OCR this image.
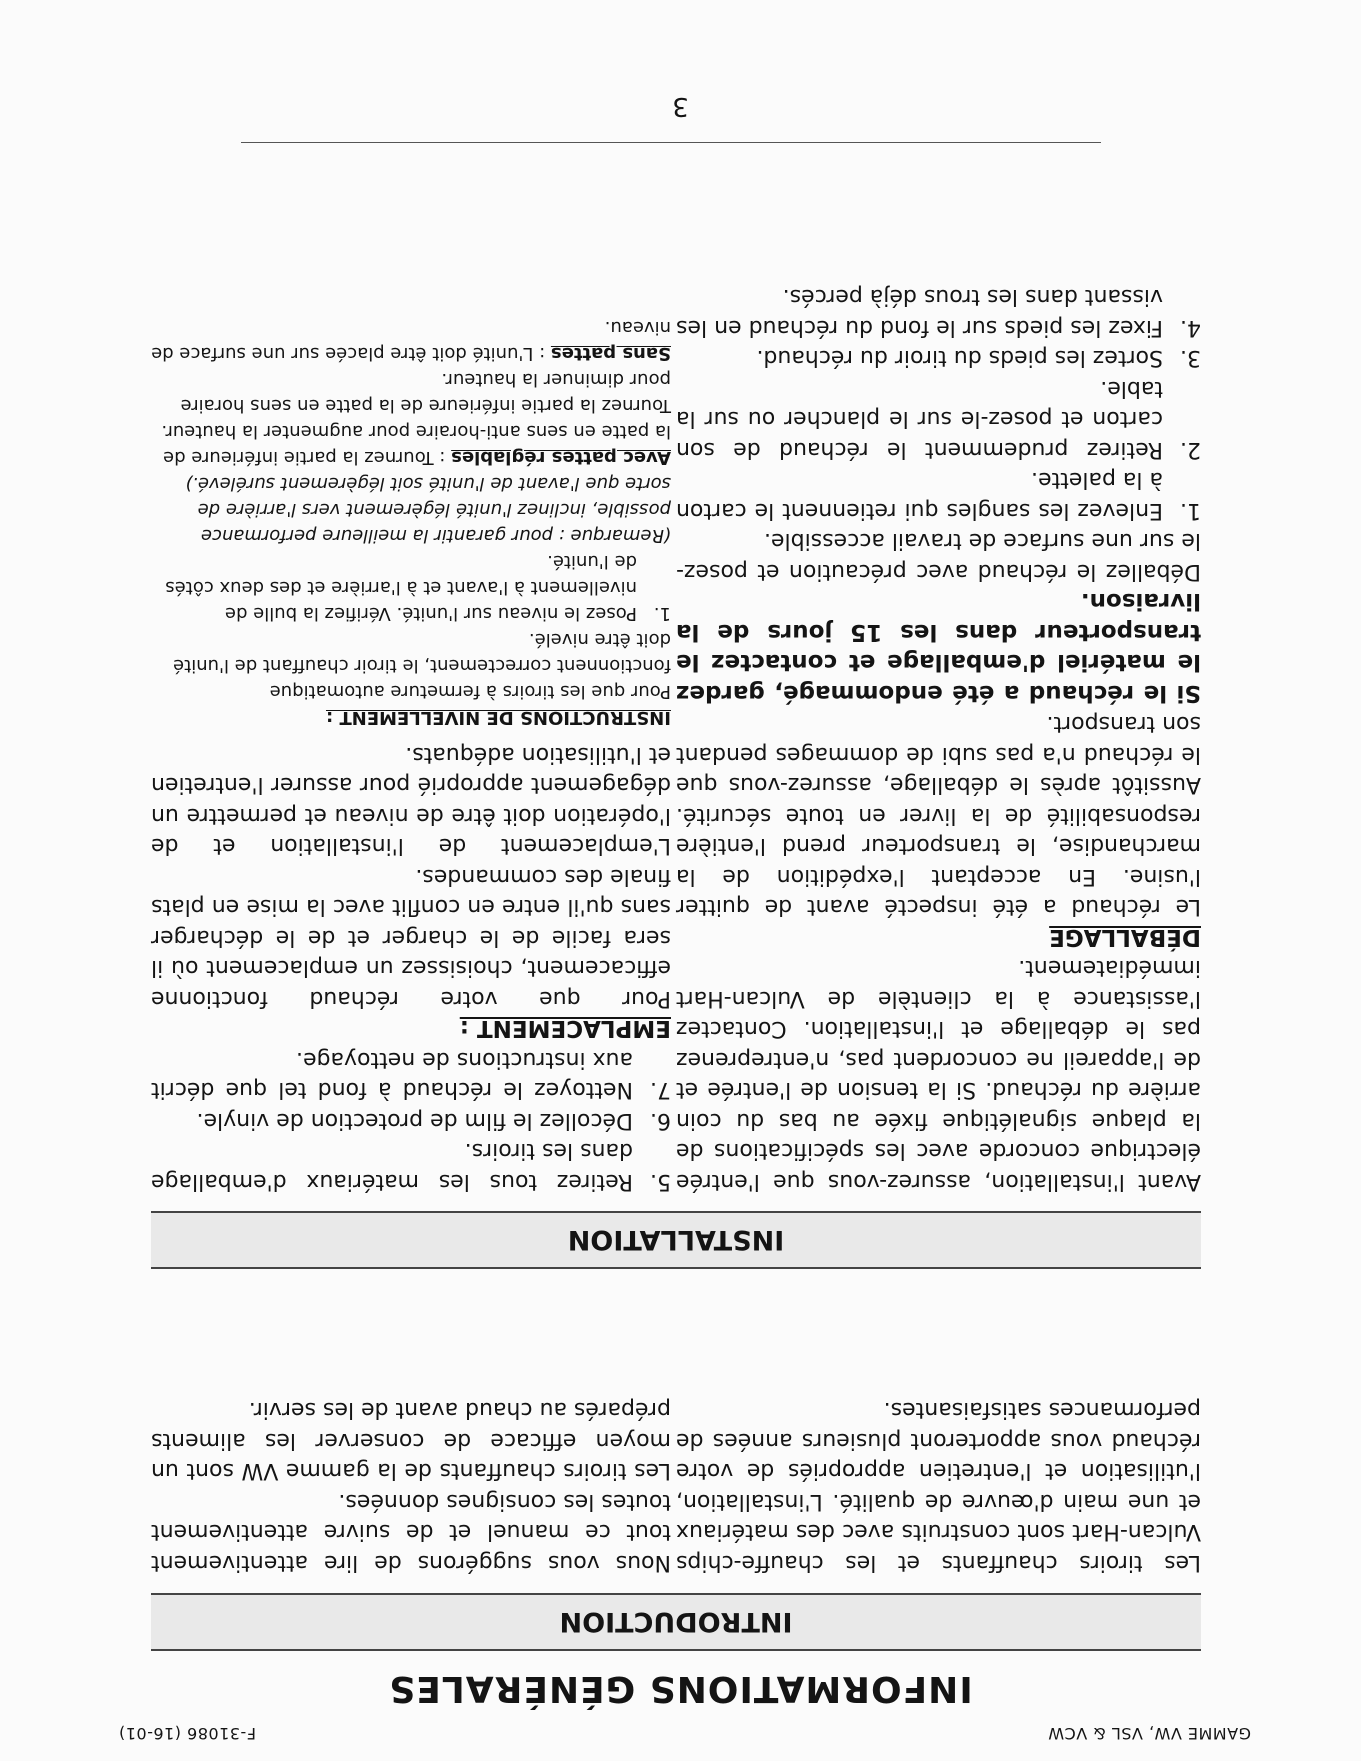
GAMME VW, VSL & VCW
F-31086 (16-01)
INFORMATIONS GÉNÉRALES
INTRODUCTION

Les tiroirs chauffants et les chauffe-chips Vulcan-Hart sont construits avec des matériaux et une main d'œuvre de qualité. L'installation, l'utilisation et l'entretien appropriés de votre réchaud vous apporteront plusieurs années de performances satisfaisantes.

Nous vous suggérons de lire attentivement tout ce manuel et de suivre attentivement toutes les consignes données.

Les tiroirs chauffants de la gamme VW sont un moyen efficace de conserver les aliments préparés au chaud avant de les servir.

INSTALLATION

Avant l'installation, assurez-vous que l'entrée électrique concorde avec les spécifications de la plaque signalétique fixée au bas du coin arrière du réchaud. Si la tension de l'entrée et de l'appareil ne concordent pas, n'entreprenez pas le déballage et l'installation. Contactez l'assistance à la clientèle de Vulcan-Hart immédiatement.

DÉBALLAGE

Le réchaud a été inspecté avant de quitter l'usine. En acceptant l'expédition de la marchandise, le transporteur prend l'entière responsabilité de la livrer en toute sécurité. Aussitôt après le déballage, assurez-vous que le réchaud n'a pas subi de dommages pendant son transport.

Si le réchaud a été endommagé, gardez le matériel d'emballage et contactez le transporteur dans les 15 jours de la livraison.

Déballez le réchaud avec précaution et posez-le sur une surface de travail accessible.

1.
Enlevez les sangles qui retiennent le carton à la palette.
2.
Retirez prudemment le réchaud de son carton et posez-le sur le plancher ou sur la table.
3.
Sortez les pieds du tiroir du réchaud.
4.
Fixez les pieds sur le fond du réchaud en les vissant dans les trous déjà percés.
5.
Retirez tous les matériaux d'emballage dans les tiroirs.
6.
Décollez le film de protection de vinyle.
7.
Nettoyez le réchaud à fond tel que décrit aux instructions de nettoyage.
EMPLACEMENT :

Pour que votre réchaud fonctionne efficacement, choisissez un emplacement où il sera facile de le charger et de le décharger sans qu'il entre en conflit avec la mise en plats finale des commandes.

L'emplacement de l'installation et de l'opération doit être de niveau et permettre un dégagement approprié pour assurer l'entretien et l'utilisation adéquats.

INSTRUCTIONS DE NIVELLEMENT :

Pour que les tiroirs à fermeture automatique fonctionnent correctement, le tiroir chauffant de l'unité doit être nivelé.

1.
Posez le niveau sur l'unité. Vérifiez la bulle de nivellement à l'avant et à l'arrière et des deux côtés de l'unité.

(Remarque : pour garantir la meilleure performance possible, inclinez l'unité légèrement vers l'arrière de sorte que l'avant de l'unité soit légèrement surélevé.)

Avec pattes réglables : Tournez la partie inférieure de la patte en sens anti-horaire pour augmenter la hauteur. Tournez la partie inférieure de la patte en sens horaire pour diminuer la hauteur.

Sans pattes : L'unité doit être placée sur une surface de niveau.

3
